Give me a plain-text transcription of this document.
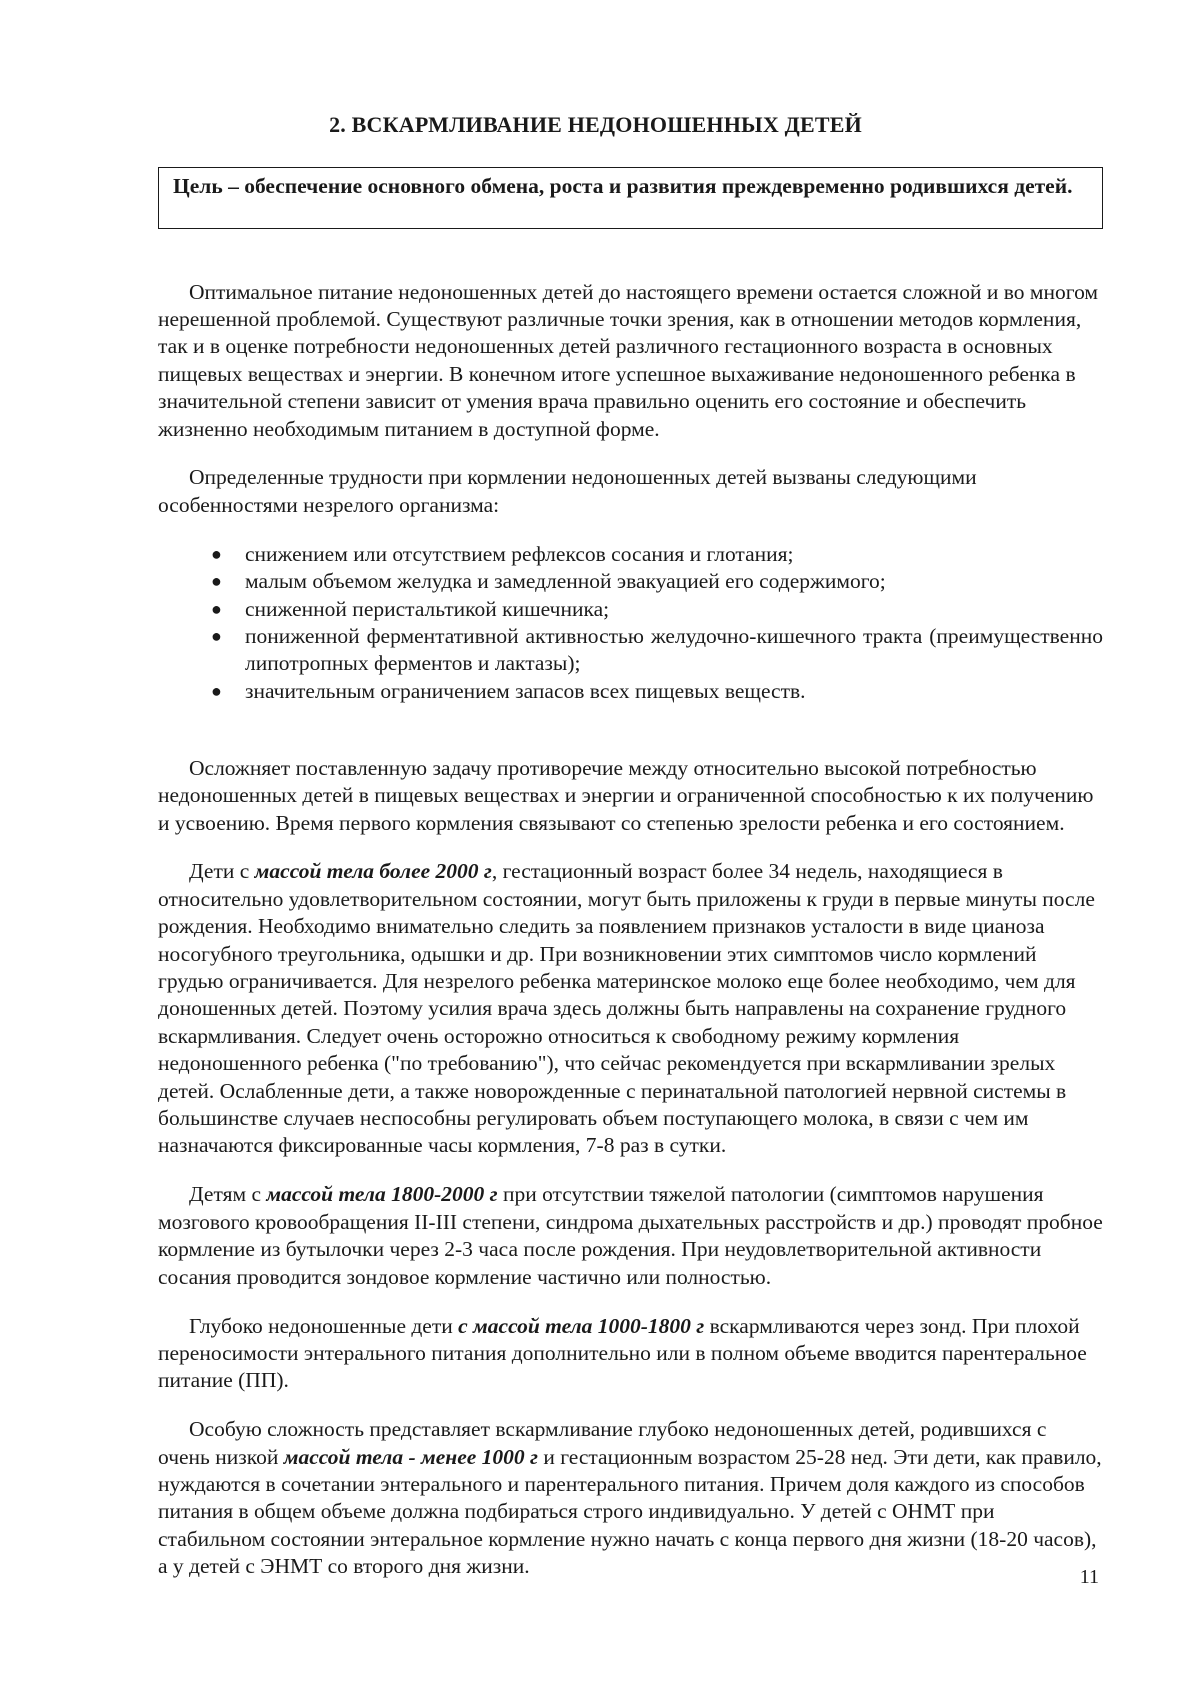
2. ВСКАРМЛИВАНИЕ НЕДОНОШЕННЫХ ДЕТЕЙ
Цель – обеспечение основного обмена, роста и развития преждевременно родившихся детей.

Оптимальное питание недоношенных детей до настоящего времени остается сложной и во многом нерешенной проблемой. Существуют различные точки зрения, как в отношении методов кормления, так и в оценке потребности недоношенных детей различного гестационного возраста в основных пищевых веществах и энергии. В конечном итоге успешное выхаживание недоношенного ребенка в значительной степени зависит от умения врача правильно оценить его состояние и обеспечить жизненно необходимым питанием в доступной форме.

Определенные трудности при кормлении недоношенных детей вызваны следующими особенностями незрелого организма:

● снижением или отсутствием рефлексов сосания и глотания;
● малым объемом желудка и замедленной эвакуацией его содержимого;
● сниженной перистальтикой кишечника;
● пониженной ферментативной активностью желудочно-кишечного тракта (преимущественно липотропных ферментов и лактазы);
● значительным ограничением запасов всех пищевых веществ.

Осложняет поставленную задачу противоречие между относительно высокой потребностью недоношенных детей в пищевых веществах и энергии и ограниченной способностью к их получению и усвоению. Время первого кормления связывают со степенью зрелости ребенка и его состоянием.

Дети с массой тела более 2000 г, гестационный возраст более 34 недель, находящиеся в относительно удовлетворительном состоянии, могут быть приложены к груди в первые минуты после рождения. Необходимо внимательно следить за появлением признаков усталости в виде цианоза носогубного треугольника, одышки и др. При возникновении этих симптомов число кормлений грудью ограничивается. Для незрелого ребенка материнское молоко еще более необходимо, чем для доношенных детей. Поэтому усилия врача здесь должны быть направлены на сохранение грудного вскармливания. Следует очень осторожно относиться к свободному режиму кормления недоношенного ребенка ("по требованию"), что сейчас рекомендуется при вскармливании зрелых детей. Ослабленные дети, а также новорожденные с перинатальной патологией нервной системы в большинстве случаев неспособны регулировать объем поступающего молока, в связи с чем им назначаются фиксированные часы кормления, 7-8 раз в сутки.

Детям с массой тела 1800-2000 г при отсутствии тяжелой патологии (симптомов нарушения мозгового кровообращения II-III степени, синдрома дыхательных расстройств и др.) проводят пробное кормление из бутылочки через 2-3 часа после рождения. При неудовлетворительной активности сосания проводится зондовое кормление частично или полностью.

Глубоко недоношенные дети с массой тела 1000-1800 г вскармливаются через зонд. При плохой переносимости энтерального питания дополнительно или в полном объеме вводится парентеральное питание (ПП).

Особую сложность представляет вскармливание глубоко недоношенных детей, родившихся с очень низкой массой тела - менее 1000 г и гестационным возрастом 25-28 нед. Эти дети, как правило, нуждаются в сочетании энтерального и парентерального питания. Причем доля каждого из способов питания в общем объеме должна подбираться строго индивидуально. У детей с ОНМТ при стабильном состоянии энтеральное кормление нужно начать с конца первого дня жизни (18-20 часов), а у детей с ЭНМТ со второго дня жизни.	11
